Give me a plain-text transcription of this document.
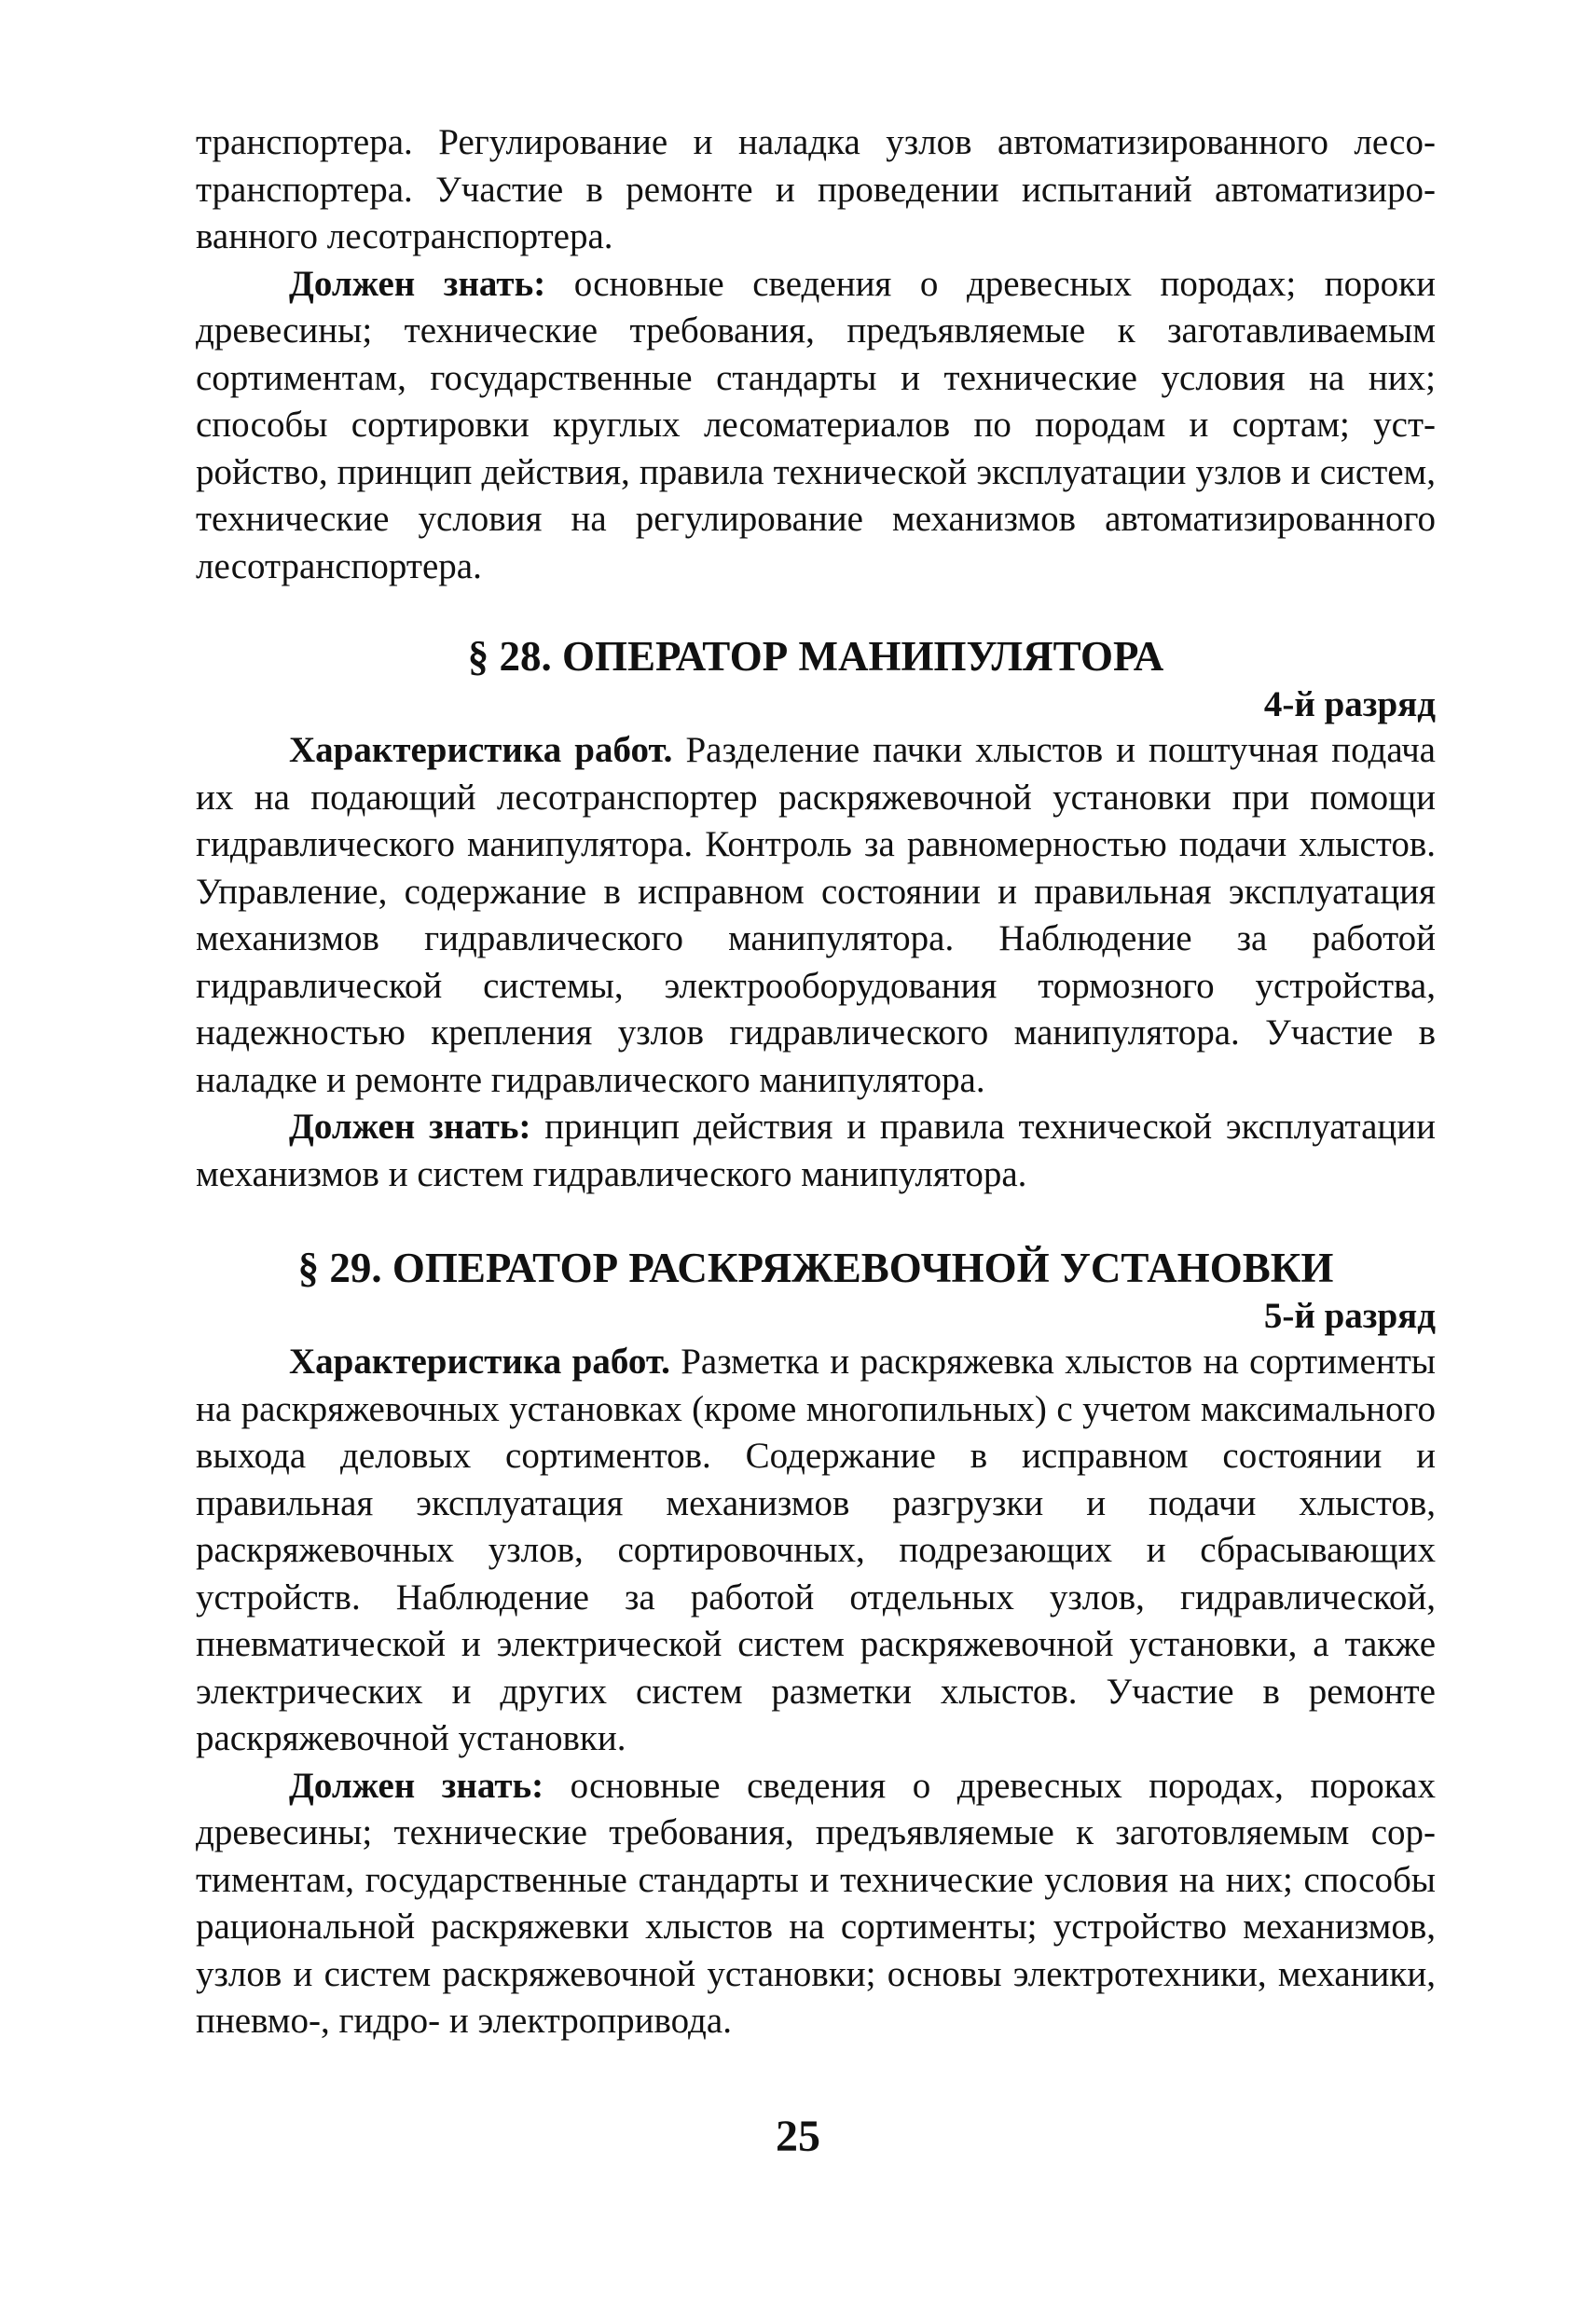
транспортера. Регулирование и наладка узлов автоматизированного лесотранспортера. Участие в ремонте и проведении испытаний автоматизированного лесотранспортера.

Должен знать: основные сведения о древесных породах; пороки древесины; технические требования, предъявляемые к заготавливаемым сортиментам, государственные стандарты и технические условия на них; способы сортировки круглых лесоматериалов по породам и сортам; устройство, принцип действия, правила технической эксплуатации узлов и систем, технические условия на регулирование механизмов автоматизированного лесотранспортера.

§ 28. ОПЕРАТОР МАНИПУЛЯТОРА

4-й разряд

Характеристика работ. Разделение пачки хлыстов и поштучная подача их на подающий лесотранспортер раскряжевочной установки при помощи гидравлического манипулятора. Контроль за равномерностью подачи хлыстов. Управление, содержание в исправном состоянии и правильная эксплуатация механизмов гидравлического манипулятора. Наблюдение за работой гидравлической системы, электрооборудования тормозного устройства, надежностью крепления узлов гидравлического манипулятора. Участие в наладке и ремонте гидравлического манипулятора.

Должен знать: принцип действия и правила технической эксплуатации механизмов и систем гидравлического манипулятора.

§ 29. ОПЕРАТОР РАСКРЯЖЕВОЧНОЙ УСТАНОВКИ

5-й разряд

Характеристика работ. Разметка и раскряжевка хлыстов на сортименты на раскряжевочных установках (кроме многопильных) с учетом максимального выхода деловых сортиментов. Содержание в исправном состоянии и правильная эксплуатация механизмов разгрузки и подачи хлыстов, раскряжевочных узлов, сортировочных, подрезающих и сбрасывающих устройств. Наблюдение за работой отдельных узлов, гидравлической, пневматической и электрической систем раскряжевочной установки, а также электрических и других систем разметки хлыстов. Участие в ремонте раскряжевочной установки.

Должен знать: основные сведения о древесных породах, пороках древесины; технические требования, предъявляемые к заготовляемым сортиментам, государственные стандарты и технические условия на них; способы рациональной раскряжевки хлыстов на сортименты; устройство механизмов, узлов и систем раскряжевочной установки; основы электротехники, механики, пневмо-, гидро- и электропривода.

25
